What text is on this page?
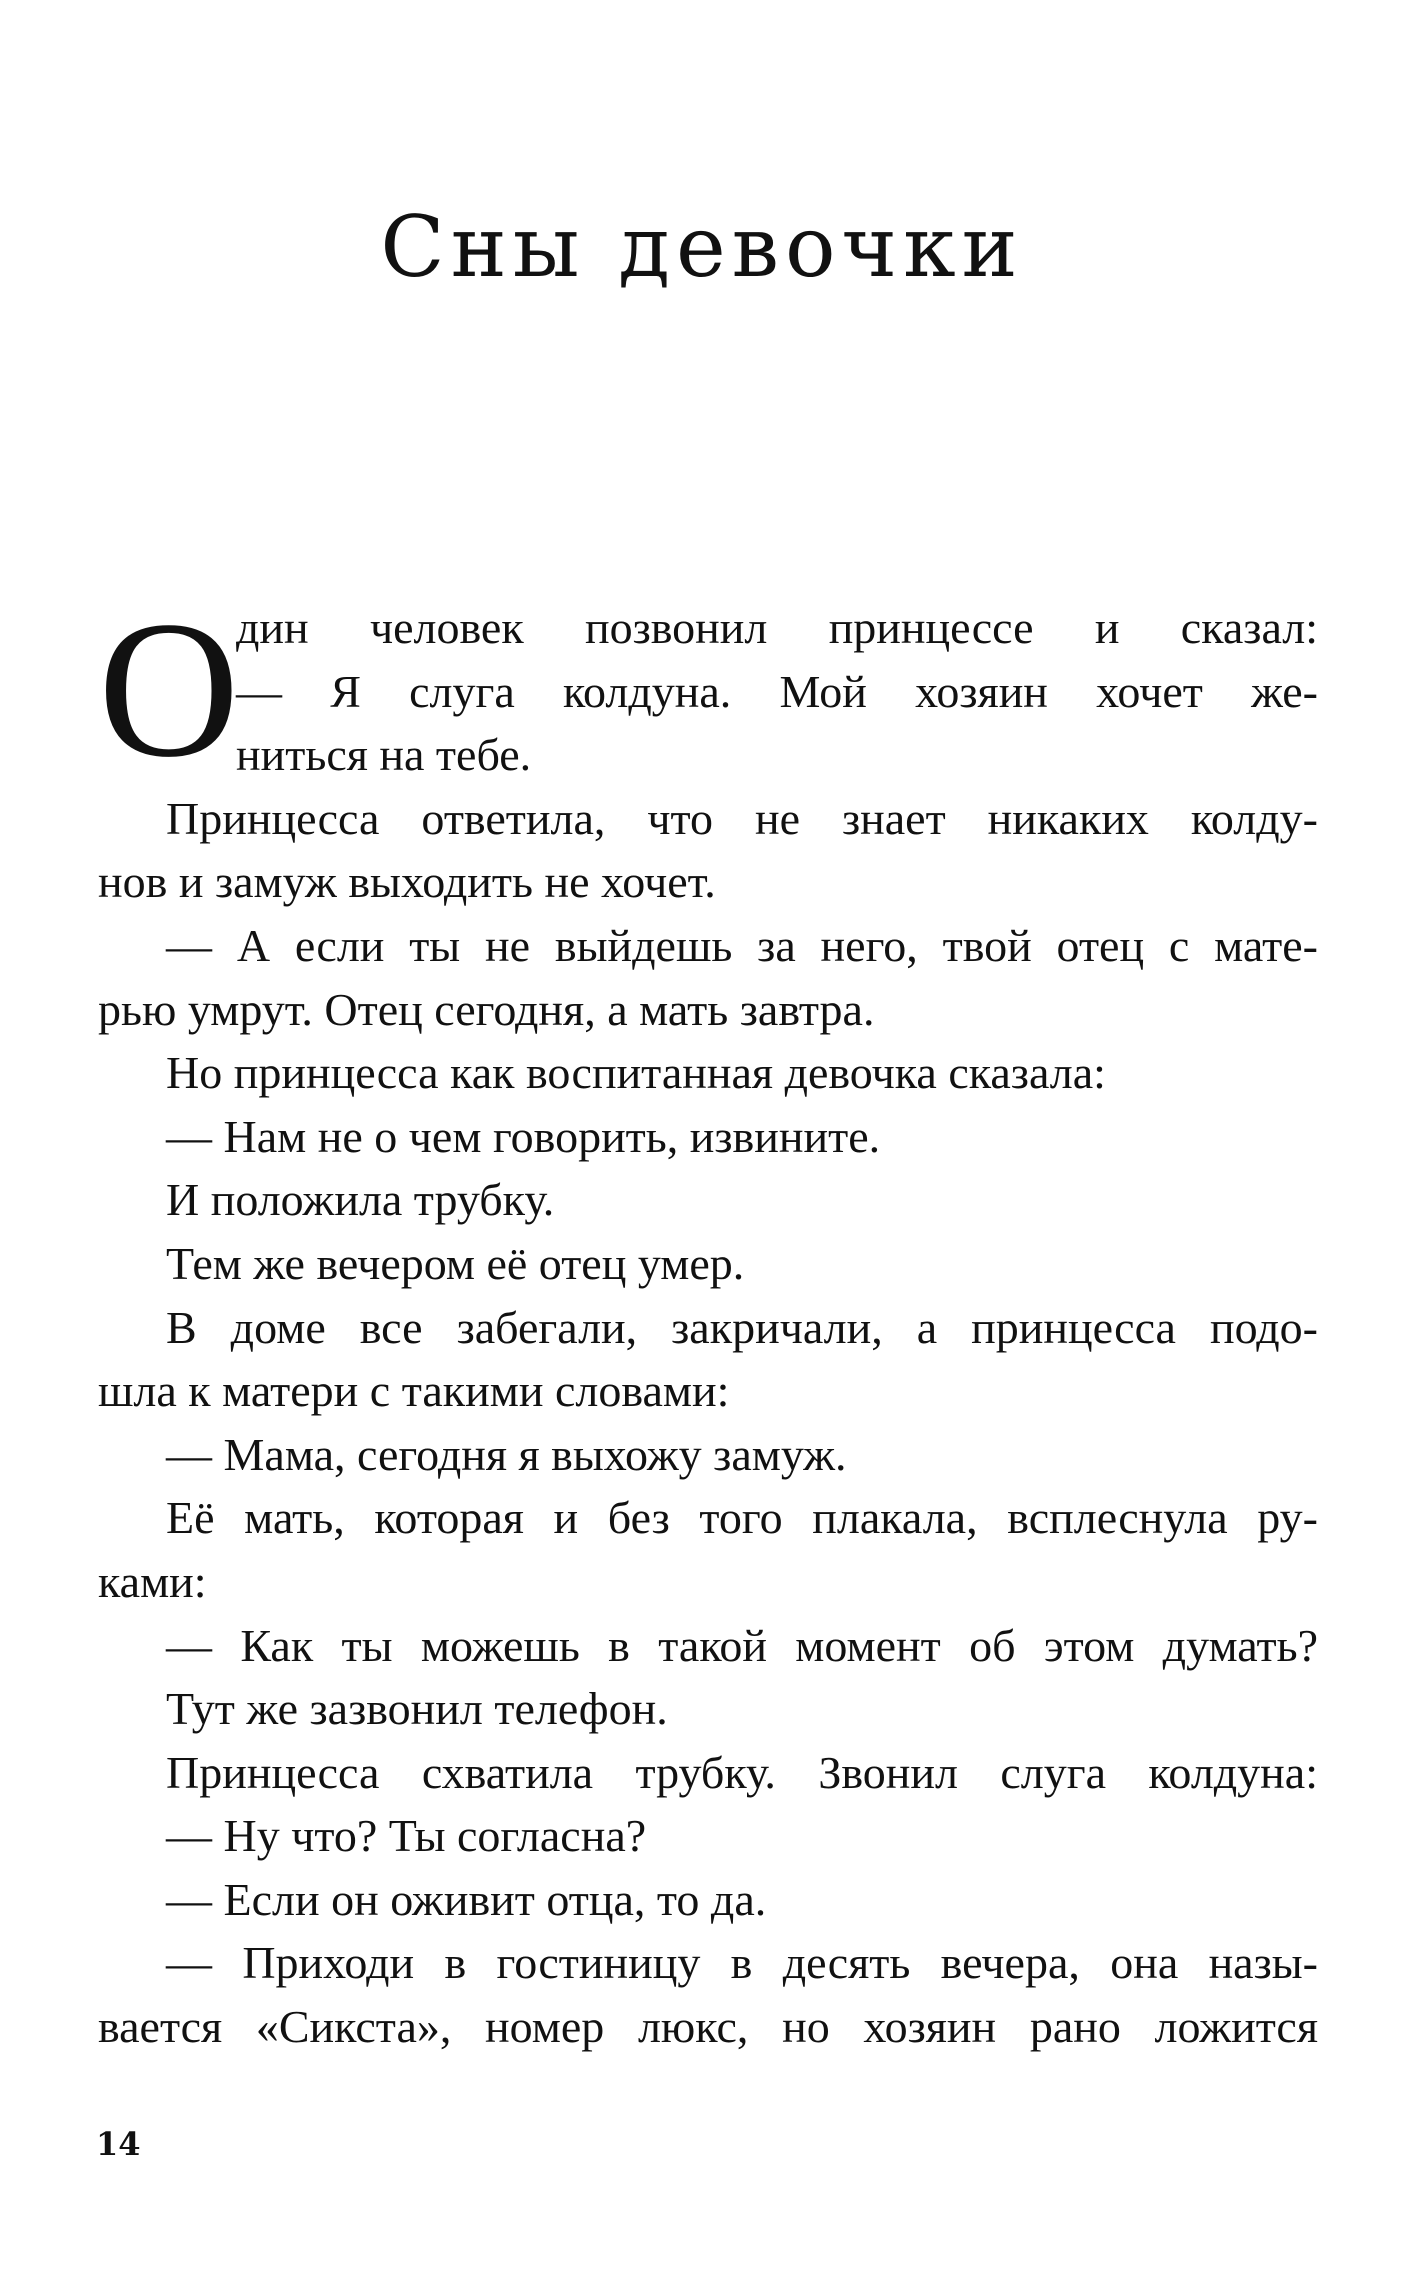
Сны девочки
О
дин человек позвонил принцессе и сказал:
— Я слуга колдуна. Мой хозяин хочет же-
ниться на тебе.
Принцесса ответила, что не знает никаких колду-
нов и замуж выходить не хочет.
— А если ты не выйдешь за него, твой отец с мате-
рью умрут. Отец сегодня, а мать завтра.
Но принцесса как воспитанная девочка сказала:
— Нам не о чем говорить, извините.
И положила трубку.
Тем же вечером её отец умер.
В доме все забегали, закричали, а принцесса подо-
шла к матери с такими словами:
— Мама, сегодня я выхожу замуж.
Её мать, которая и без того плакала, всплеснула ру-
ками:
— Как ты можешь в такой момент об этом думать?
Тут же зазвонил телефон.
Принцесса схватила трубку. Звонил слуга колдуна:
— Ну что? Ты согласна?
— Если он оживит отца, то да.
— Приходи в гостиницу в десять вечера, она назы-
вается «Сикста», номер люкс, но хозяин рано ложится
14
